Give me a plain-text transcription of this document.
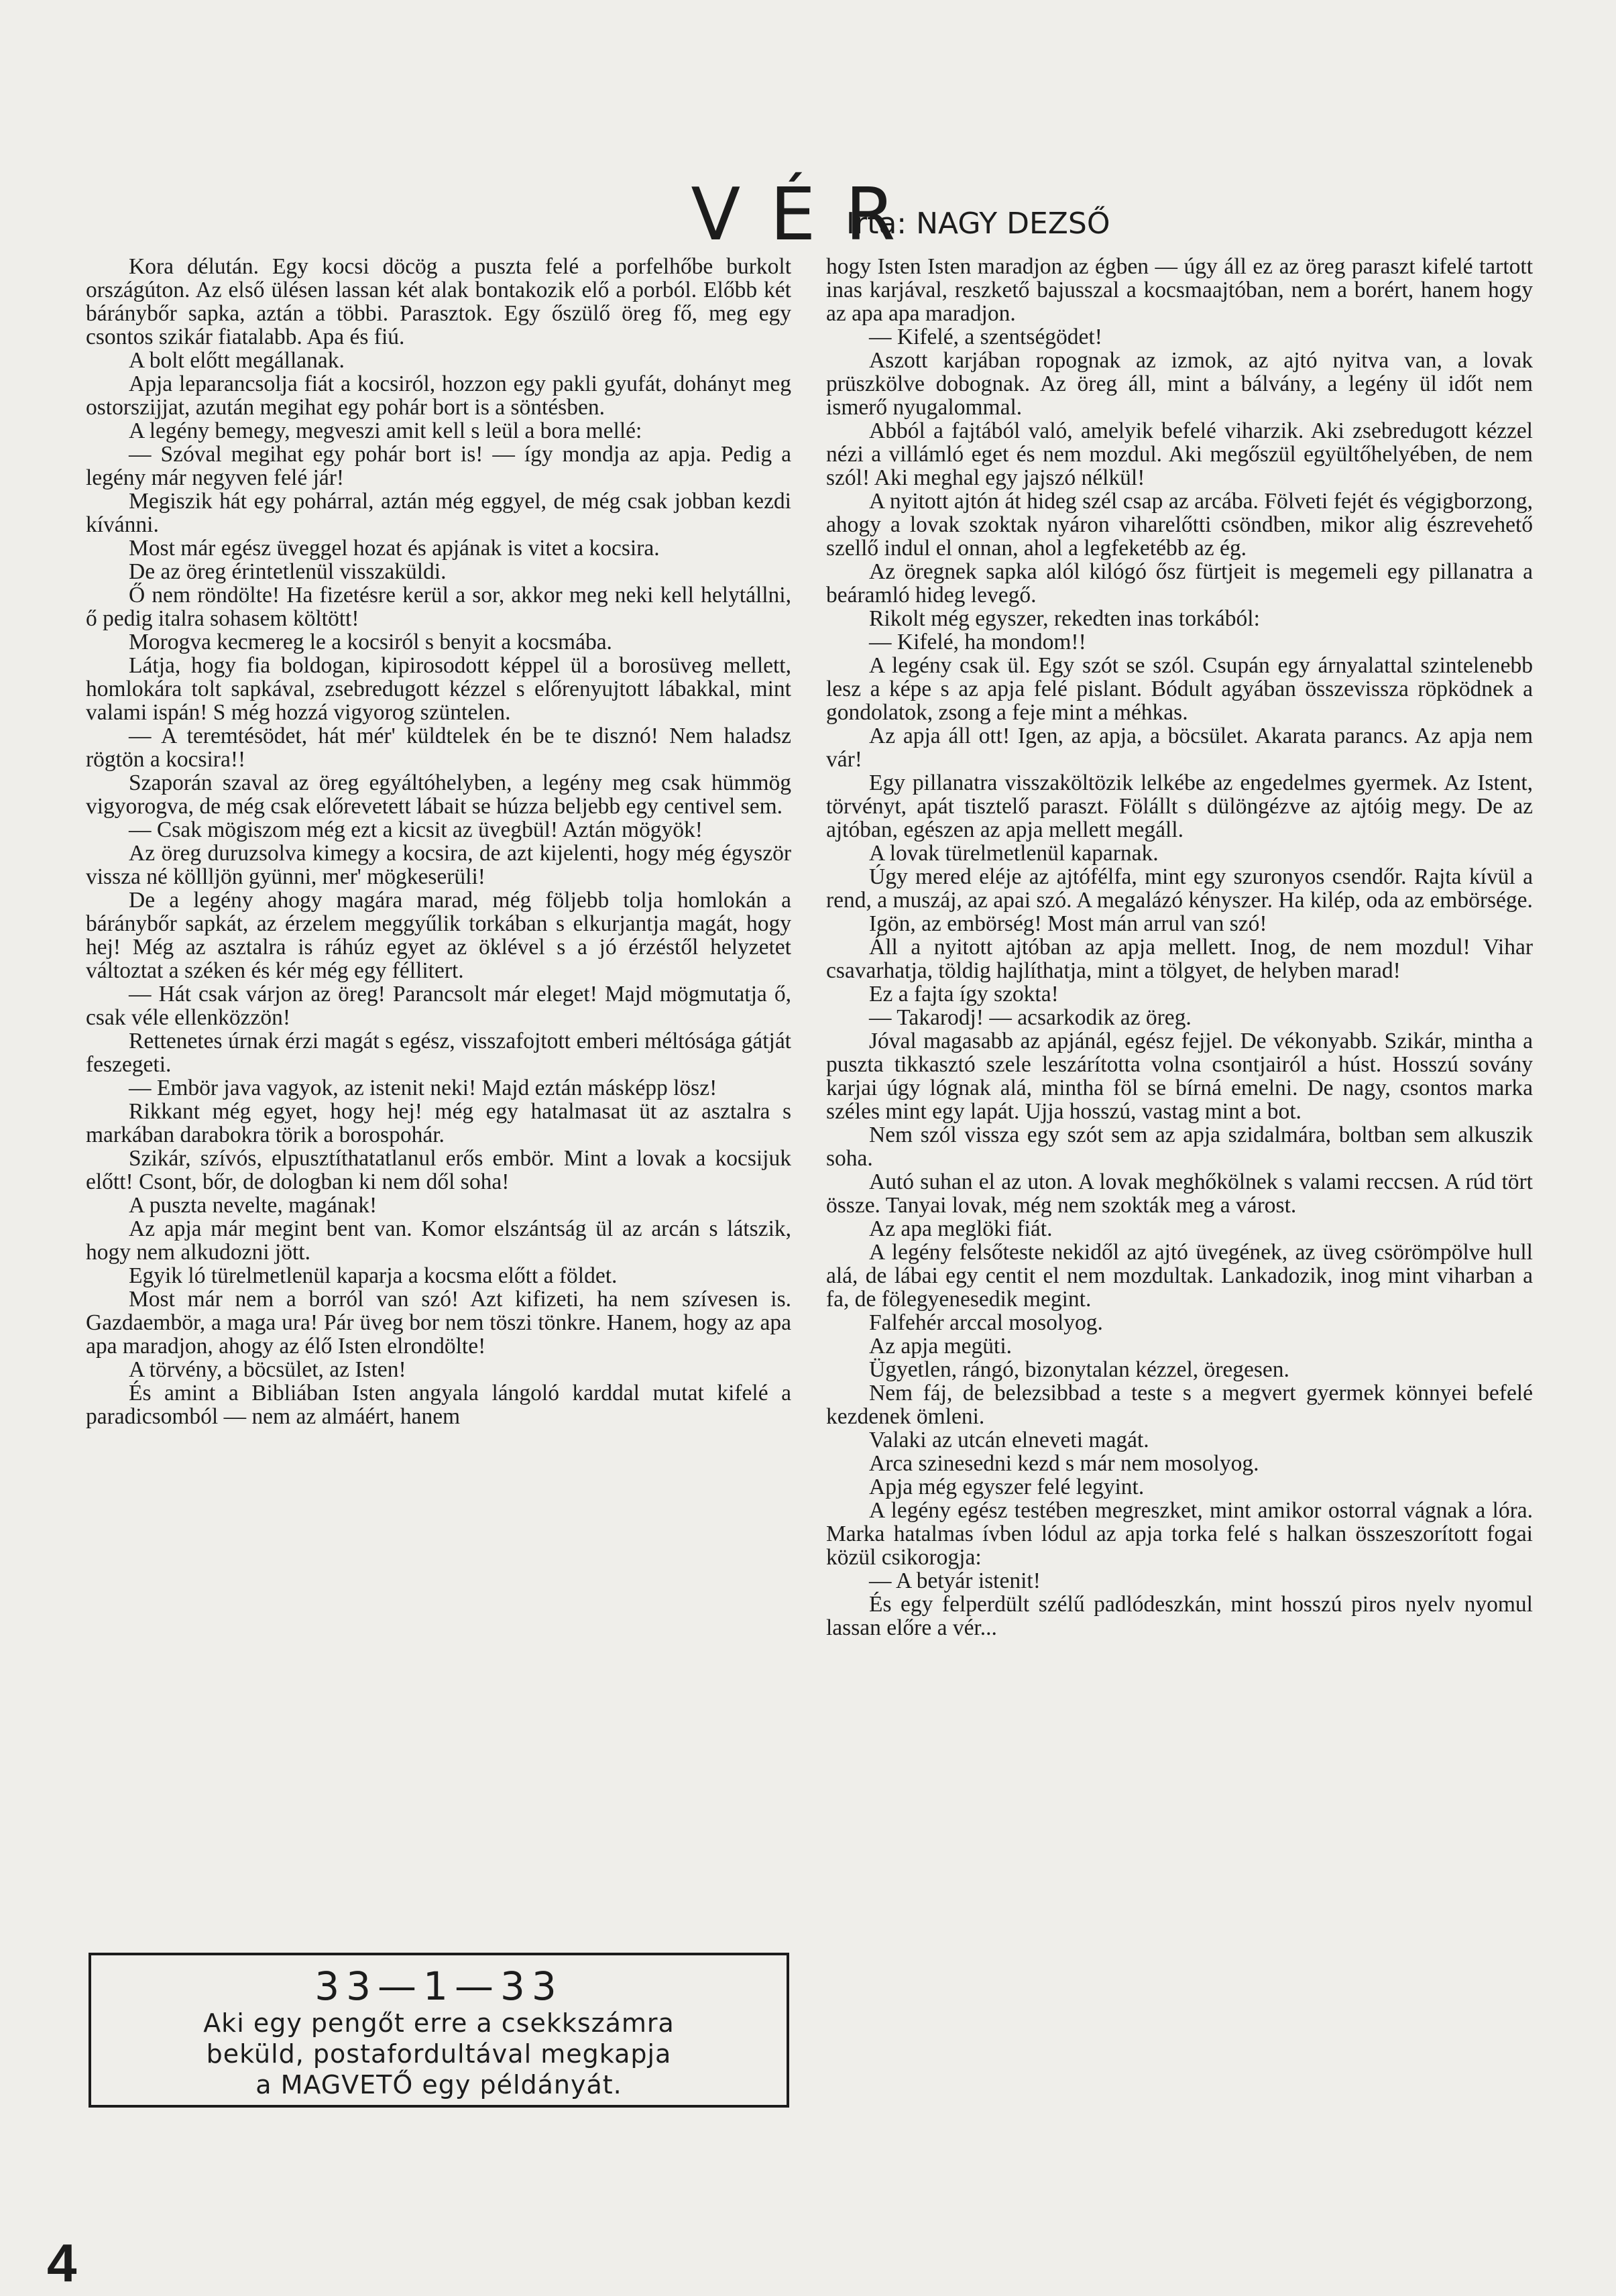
VÉR
Irta: NAGY DEZSŐ

Kora délután. Egy kocsi döcög a puszta felé a porfelhőbe burkolt országúton. Az első ülésen lassan két alak bontakozik elő a porból. Előbb két báránybőr sapka, aztán a többi. Parasztok. Egy őszülő öreg fő, meg egy csontos szikár fiatalabb. Apa és fiú.

A bolt előtt megállanak.

Apja leparancsolja fiát a kocsiról, hozzon egy pakli gyufát, dohányt meg ostorszijjat, azután megihat egy pohár bort is a söntésben.

A legény bemegy, megveszi amit kell s leül a bora mellé:

— Szóval megihat egy pohár bort is! — így mondja az apja. Pedig a legény már negyven felé jár!

Megiszik hát egy pohárral, aztán még eggyel, de még csak jobban kezdi kívánni.

Most már egész üveggel hozat és apjának is vitet a kocsira.

De az öreg érintetlenül visszaküldi.

Ő nem röndölte! Ha fizetésre kerül a sor, akkor meg neki kell helytállni, ő pedig italra sohasem költött!

Morogva kecmereg le a kocsiról s benyit a kocsmába.

Látja, hogy fia boldogan, kipirosodott képpel ül a borosüveg mellett, homlokára tolt sapkával, zsebredugott kézzel s előrenyujtott lábakkal, mint valami ispán! S még hozzá vigyorog szüntelen.

— A teremtésödet, hát mér' küldtelek én be te disznó! Nem haladsz rögtön a kocsira!!

Szaporán szaval az öreg egyáltóhelyben, a legény meg csak hümmög vigyorogva, de még csak előrevetett lábait se húzza beljebb egy centivel sem.

— Csak mögiszom még ezt a kicsit az üvegbül! Aztán mögyök!

Az öreg duruzsolva kimegy a kocsira, de azt kijelenti, hogy még égyször vissza né köllljön gyünni, mer' mögkeserüli!

De a legény ahogy magára marad, még följebb tolja homlokán a báránybőr sapkát, az érzelem meggyűlik torkában s elkurjantja magát, hogy hej! Még az asztalra is ráhúz egyet az öklével s a jó érzéstől helyzetet változtat a széken és kér még egy féllitert.

— Hát csak várjon az öreg! Parancsolt már eleget! Majd mögmutatja ő, csak véle ellenközzön!

Rettenetes úrnak érzi magát s egész, visszafojtott emberi méltósága gátját feszegeti.

— Embör java vagyok, az istenit neki! Majd eztán másképp lösz!

Rikkant még egyet, hogy hej! még egy hatalmasat üt az asztalra s markában darabokra törik a borospohár.

Szikár, szívós, elpusztíthatatlanul erős embör. Mint a lovak a kocsijuk előtt! Csont, bőr, de dologban ki nem dől soha!

A puszta nevelte, magának!

Az apja már megint bent van. Komor elszántság ül az arcán s látszik, hogy nem alkudozni jött.

Egyik ló türelmetlenül kaparja a kocsma előtt a földet.

Most már nem a borról van szó! Azt kifizeti, ha nem szívesen is. Gazdaembör, a maga ura! Pár üveg bor nem töszi tönkre. Hanem, hogy az apa apa maradjon, ahogy az élő Isten elrondölte!

A törvény, a böcsület, az Isten!

És amint a Bibliában Isten angyala lángoló karddal mutat kifelé a paradicsomból — nem az almáért, hanem

hogy Isten Isten maradjon az égben — úgy áll ez az öreg paraszt kifelé tartott inas karjával, reszkető bajusszal a kocsmaajtóban, nem a borért, hanem hogy az apa apa maradjon.

— Kifelé, a szentségödet!

Aszott karjában ropognak az izmok, az ajtó nyitva van, a lovak prüszkölve dobognak. Az öreg áll, mint a bálvány, a legény ül időt nem ismerő nyugalommal.

Abból a fajtából való, amelyik befelé viharzik. Aki zsebredugott kézzel nézi a villámló eget és nem mozdul. Aki megőszül együltőhelyében, de nem szól! Aki meghal egy jajszó nélkül!

A nyitott ajtón át hideg szél csap az arcába. Fölveti fejét és végigborzong, ahogy a lovak szoktak nyáron viharelőtti csöndben, mikor alig észrevehető szellő indul el onnan, ahol a legfeketébb az ég.

Az öregnek sapka alól kilógó ősz fürtjeit is megemeli egy pillanatra a beáramló hideg levegő.

Rikolt még egyszer, rekedten inas torkából:

— Kifelé, ha mondom!!

A legény csak ül. Egy szót se szól. Csupán egy árnyalattal szintelenebb lesz a képe s az apja felé pislant. Bódult agyában összevissza röpködnek a gondolatok, zsong a feje mint a méhkas.

Az apja áll ott! Igen, az apja, a böcsület. Akarata parancs. Az apja nem vár!

Egy pillanatra visszaköltözik lelkébe az engedelmes gyermek. Az Istent, törvényt, apát tisztelő paraszt. Fölállt s dülöngézve az ajtóig megy. De az ajtóban, egészen az apja mellett megáll.

A lovak türelmetlenül kaparnak.

Úgy mered eléje az ajtófélfa, mint egy szuronyos csendőr. Rajta kívül a rend, a muszáj, az apai szó. A megalázó kényszer. Ha kilép, oda az embörsége.

Igön, az embörség! Most mán arrul van szó!

Áll a nyitott ajtóban az apja mellett. Inog, de nem mozdul! Vihar csavarhatja, töldig hajlíthatja, mint a tölgyet, de helyben marad!

Ez a fajta így szokta!

— Takarodj! — acsarkodik az öreg.

Jóval magasabb az apjánál, egész fejjel. De vékonyabb. Szikár, mintha a puszta tikkasztó szele leszárította volna csontjairól a húst. Hosszú sovány karjai úgy lógnak alá, mintha föl se bírná emelni. De nagy, csontos marka széles mint egy lapát. Ujja hosszú, vastag mint a bot.

Nem szól vissza egy szót sem az apja szidalmára, boltban sem alkuszik soha.

Autó suhan el az uton. A lovak meghőkölnek s valami reccsen. A rúd tört össze. Tanyai lovak, még nem szokták meg a várost.

Az apa meglöki fiát.

A legény felsőteste nekidől az ajtó üvegének, az üveg csörömpölve hull alá, de lábai egy centit el nem mozdultak. Lankadozik, inog mint viharban a fa, de fölegyenesedik megint.

Falfehér arccal mosolyog.

Az apja megüti.

Ügyetlen, rángó, bizonytalan kézzel, öregesen.

Nem fáj, de belezsibbad a teste s a megvert gyermek könnyei befelé kezdenek ömleni.

Valaki az utcán elneveti magát.

Arca szinesedni kezd s már nem mosolyog.

Apja még egyszer felé legyint.

A legény egész testében megreszket, mint amikor ostorral vágnak a lóra. Marka hatalmas ívben lódul az apja torka felé s halkan összeszorított fogai közül csikorogja:

— A betyár istenit!

És egy felperdült szélű padlódeszkán, mint hosszú piros nyelv nyomul lassan előre a vér...

33—1—33
Aki egy pengőt erre a csekkszámra
beküld, postafordultával megkapja
a MAGVETŐ egy példányát.
4
